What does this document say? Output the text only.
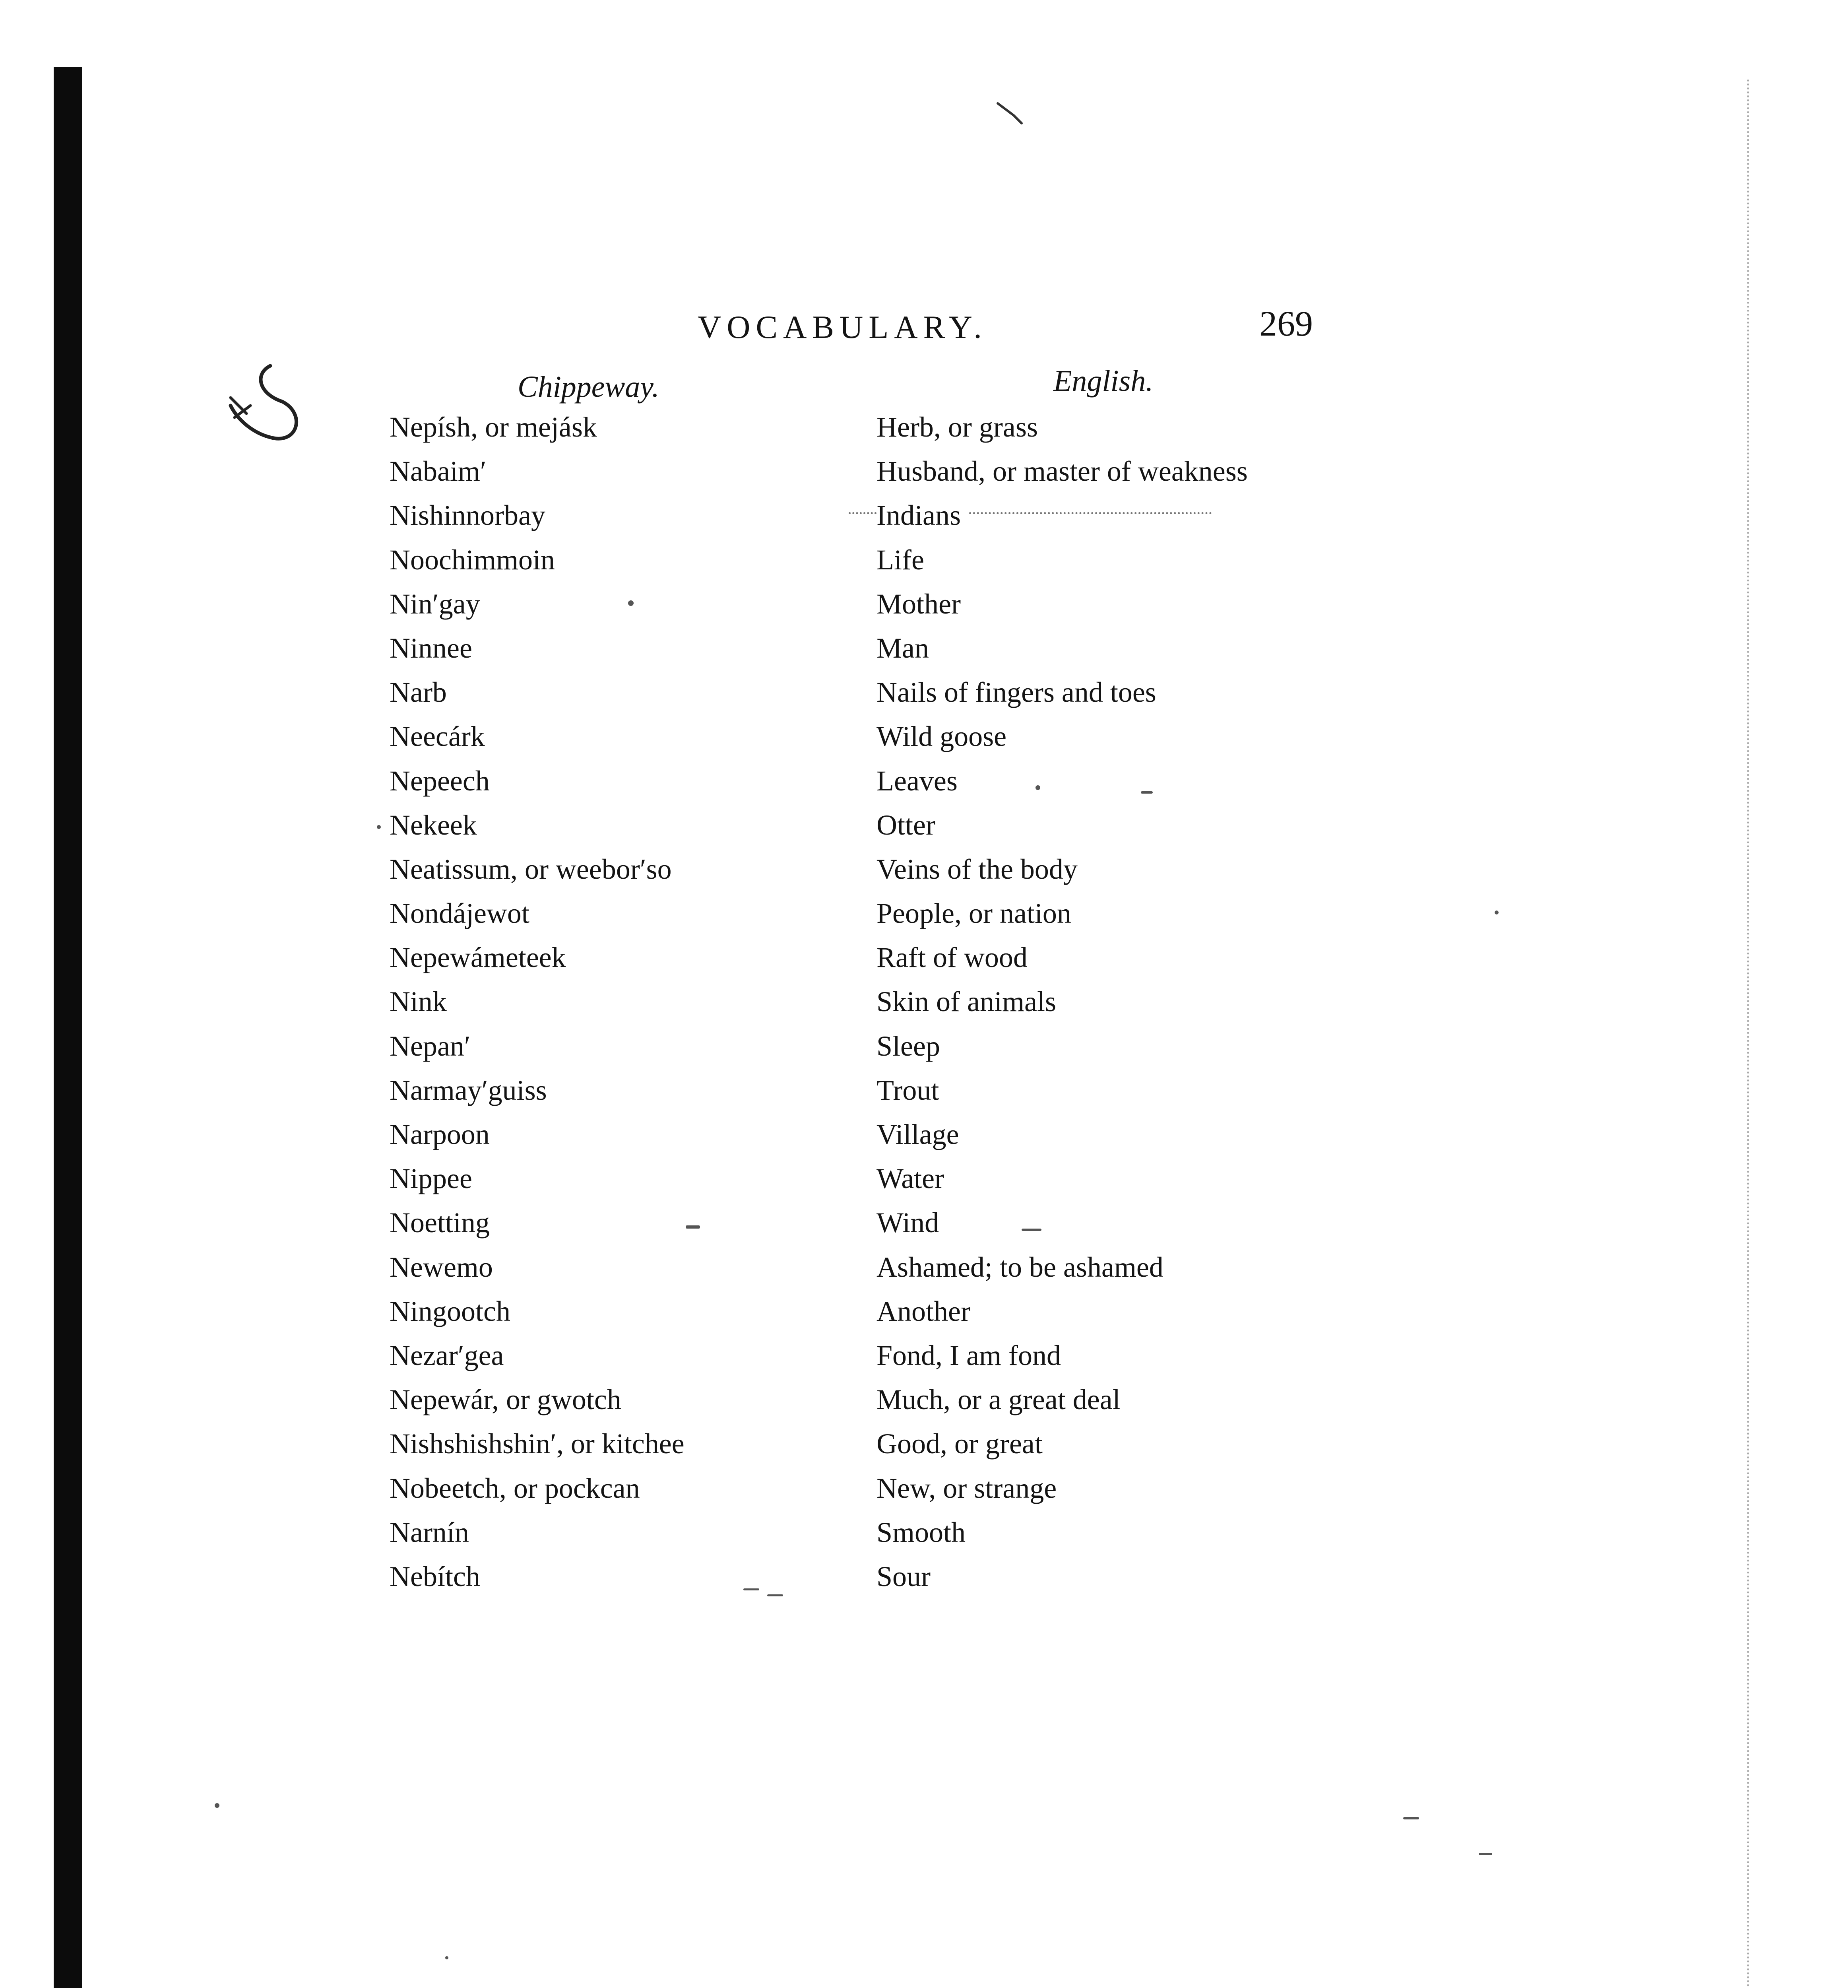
VOCABULARY.	269
Chippeway.	English.
Nepísh, or mejásk	Herb, or grass
Nabaim′	Husband, or master of weakness
Nishinnorbay	Indians
Noochimmoin	Life
Nin′gay	Mother
Ninnee	Man
Narb	Nails of fingers and toes
Neecárk	Wild goose
Nepeech	Leaves
Nekeek	Otter
Neatissum, or weebor′so	Veins of the body
Nondájewot	People, or nation
Nepewámeteek	Raft of wood
Nink	Skin of animals
Nepan′	Sleep
Narmay′guiss	Trout
Narpoon	Village
Nippee	Water
Noetting	Wind
Newemo	Ashamed; to be ashamed
Ningootch	Another
Nezar′gea	Fond, I am fond
Nepewár, or gwotch	Much, or a great deal
Nishshishshin′, or kitchee	Good, or great
Nobeetch, or pockcan	New, or strange
Narnín	Smooth
Nebítch	Sour
